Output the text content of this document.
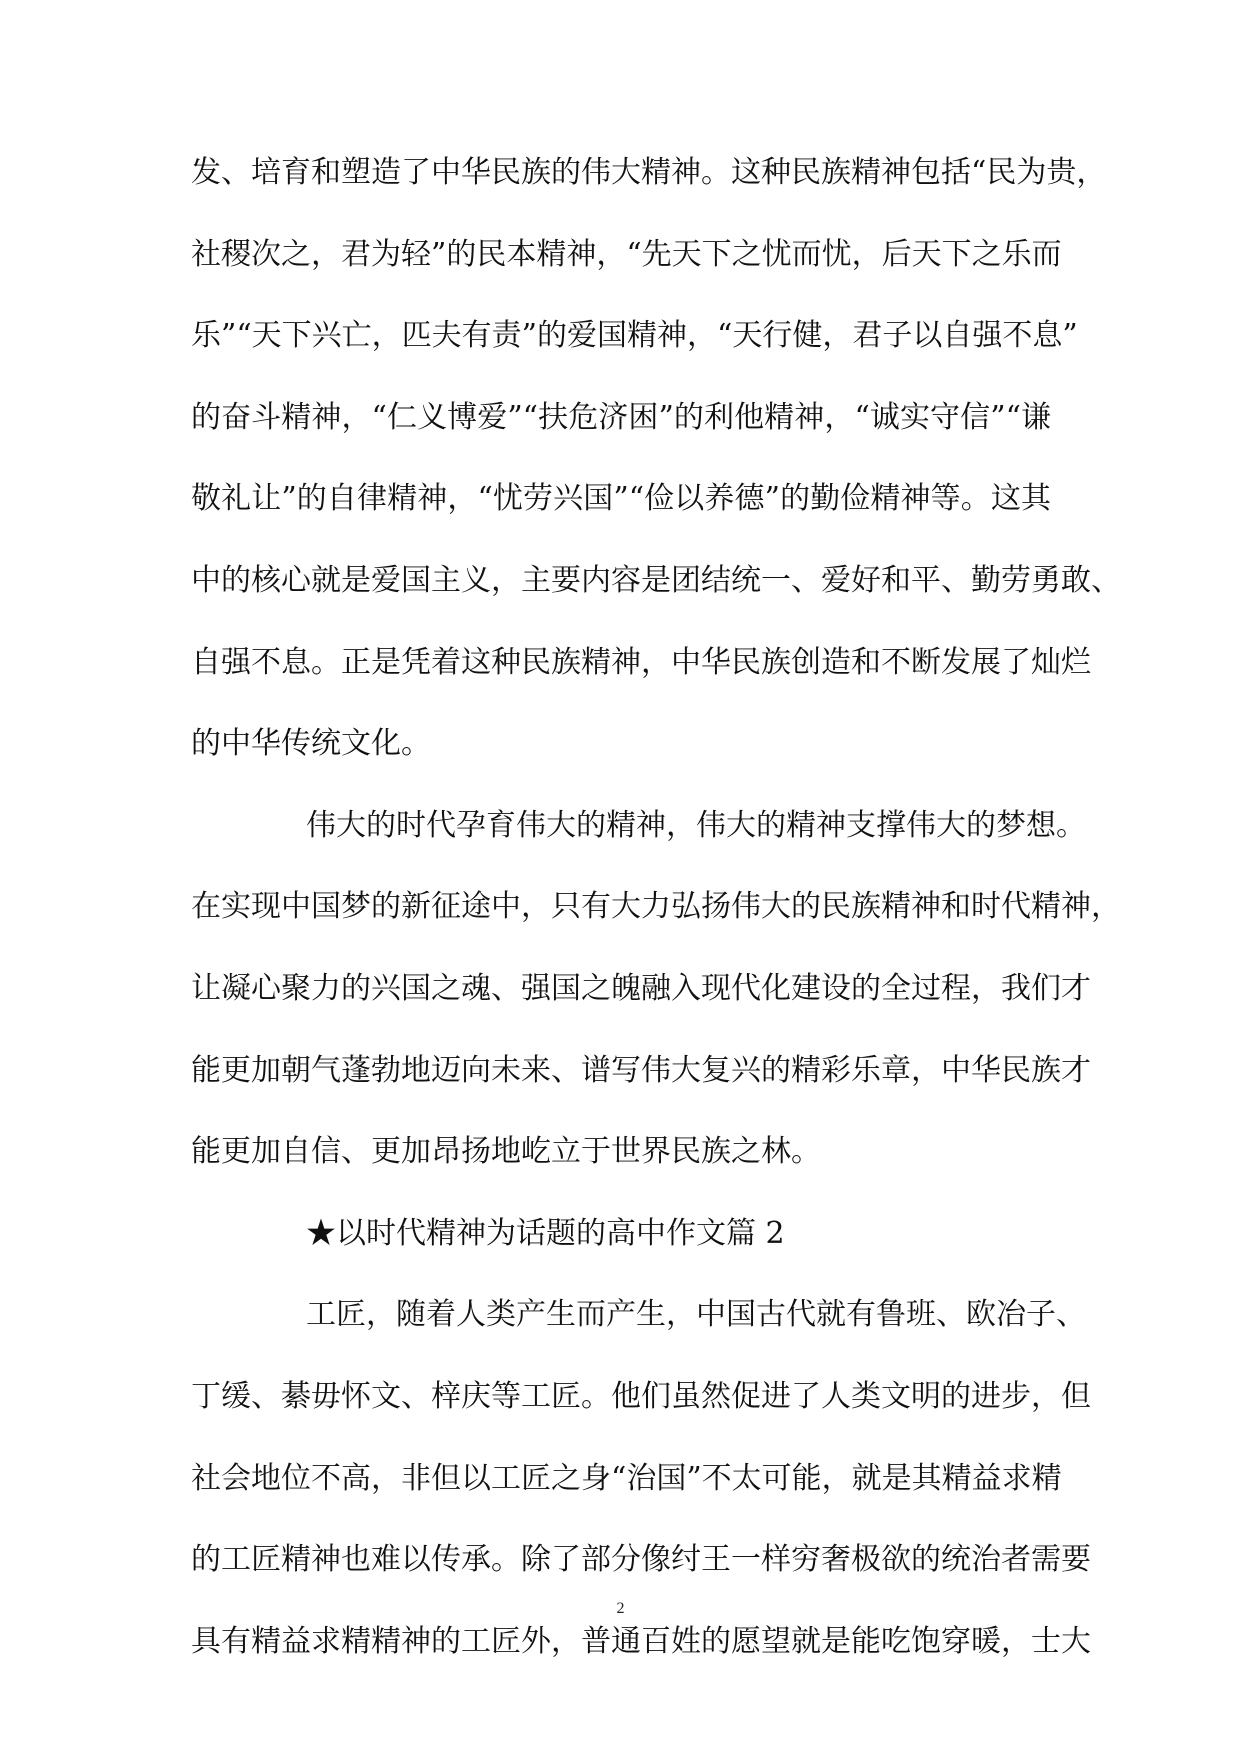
发、培育和塑造了中华民族的伟大精神。这种民族精神包括“民为贵，
社稷次之，君为轻”的民本精神，“先天下之忧而忧，后天下之乐而
乐”“天下兴亡，匹夫有责”的爱国精神，“天行健，君子以自强不息”
的奋斗精神，“仁义博爱”“扶危济困”的利他精神，“诚实守信”“谦
敬礼让”的自律精神，“忧劳兴国”“俭以养德”的勤俭精神等。这其
中的核心就是爱国主义，主要内容是团结统一、爱好和平、勤劳勇敢、
自强不息。正是凭着这种民族精神，中华民族创造和不断发展了灿烂
的中华传统文化。
伟大的时代孕育伟大的精神，伟大的精神支撑伟大的梦想。
在实现中国梦的新征途中，只有大力弘扬伟大的民族精神和时代精神，
让凝心聚力的兴国之魂、强国之魄融入现代化建设的全过程，我们才
能更加朝气蓬勃地迈向未来、谱写伟大复兴的精彩乐章，中华民族才
能更加自信、更加昂扬地屹立于世界民族之林。
★以时代精神为话题的高中作文篇 2
工匠，随着人类产生而产生，中国古代就有鲁班、欧冶子、
丁缓、綦毋怀文、梓庆等工匠。他们虽然促进了人类文明的进步，但
社会地位不高，非但以工匠之身“治国”不太可能，就是其精益求精
的工匠精神也难以传承。除了部分像纣王一样穷奢极欲的统治者需要
具有精益求精精神的工匠外，普通百姓的愿望就是能吃饱穿暖，士大
2
